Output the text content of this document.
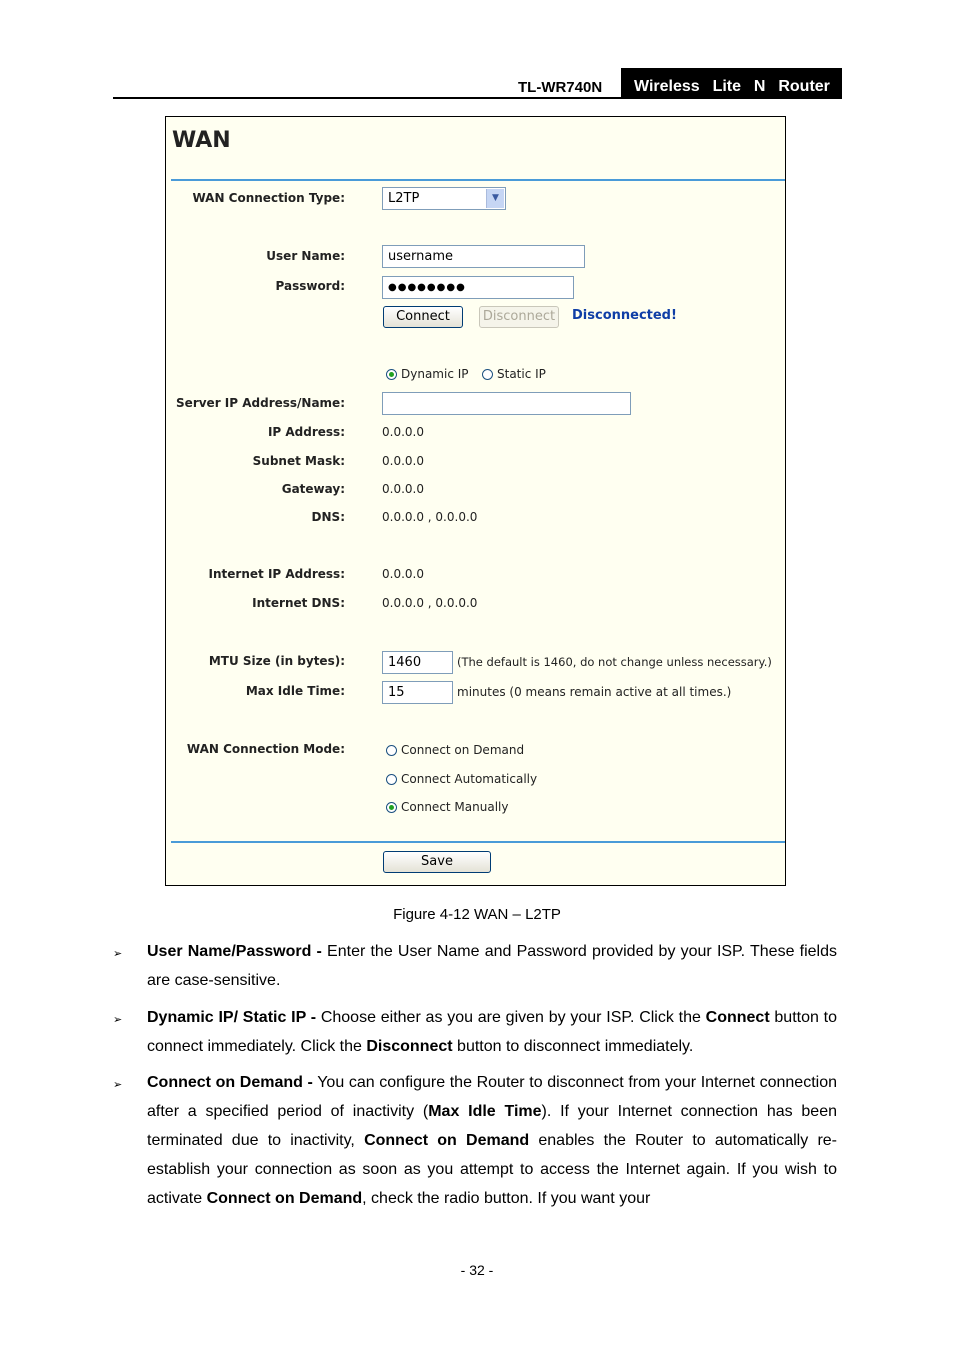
TL-WR740N	Wireless  Lite  N  Router
WAN
WAN Connection Type:	L2TP	▼
User Name:	username
Password:	●●●●●●●●
Connect	Disconnect Disconnected!
Dynamic IP Static IP
Server IP Address/Name:
IP Address:	0.0.0.0
Subnet Mask:	0.0.0.0
Gateway:	0.0.0.0
DNS:	0.0.0.0 , 0.0.0.0
Internet IP Address:	0.0.0.0
Internet DNS:	0.0.0.0 , 0.0.0.0
MTU Size (in bytes):	1460	(The default is 1460, do not change unless necessary.)
Max Idle Time:	15	minutes (0 means remain active at all times.)
WAN Connection Mode:	Connect on Demand
Connect Automatically
Connect Manually
Save
Figure 4-12 WAN – L2TP
➢ User Name/Password - Enter the User Name and Password provided by your ISP. These fields are case-sensitive.
➢ Dynamic IP/ Static IP - Choose either as you are given by your ISP. Click the Connect button to connect immediately. Click the Disconnect button to disconnect immediately.
➢ Connect on Demand - You can configure the Router to disconnect from your Internet connection after a specified period of inactivity (Max Idle Time). If your Internet connection has been terminated due to inactivity, Connect on Demand enables the Router to automatically re-establish your connection as soon as you attempt to access the Internet again. If you wish to activate Connect on Demand, check the radio button. If you want your
- 32 -
